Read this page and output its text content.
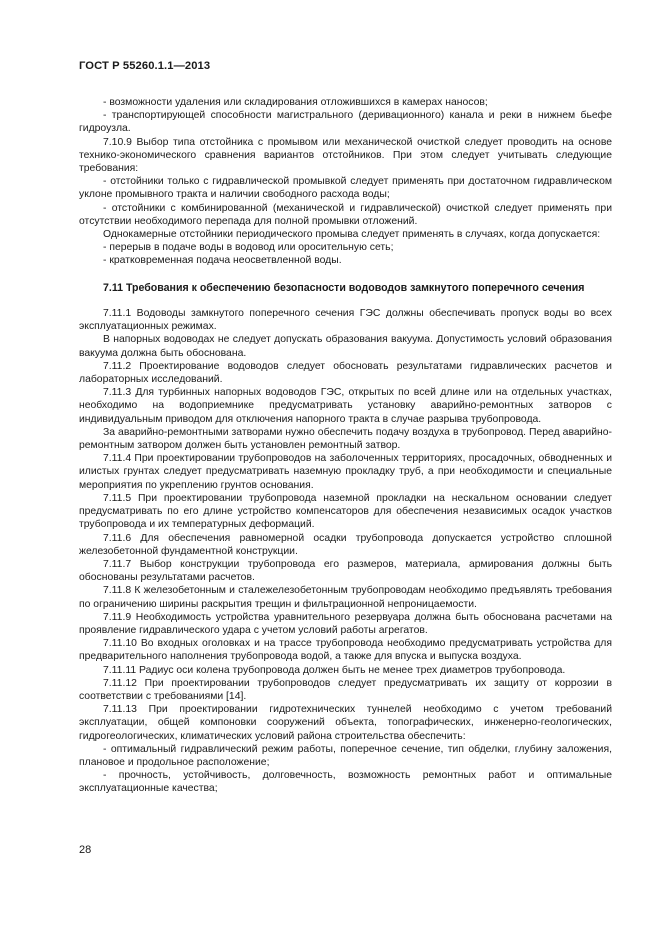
ГОСТ Р 55260.1.1—2013

- возможности удаления или складирования отложившихся в камерах наносов;

- транспортирующей способности магистрального (деривационного) канала и реки в нижнем бьефе гидроузла.

7.10.9 Выбор типа отстойника с промывом или механической очисткой следует проводить на основе технико-экономического сравнения вариантов отстойников. При этом следует учитывать следующие требования:

- отстойники только с гидравлической промывкой следует применять при достаточном гидравлическом уклоне промывного тракта и наличии свободного расхода воды;

- отстойники с комбинированной (механической и гидравлической) очисткой следует применять при отсутствии необходимого перепада для полной промывки отложений.

Однокамерные отстойники периодического промыва следует применять в случаях, когда допускается:

- перерыв в подаче воды в водовод или оросительную сеть;

- кратковременная подача неосветвленной воды.

7.11 Требования к обеспечению безопасности водоводов замкнутого поперечного сечения

7.11.1 Водоводы замкнутого поперечного сечения ГЭС должны обеспечивать пропуск воды во всех эксплуатационных режимах.

В напорных водоводах не следует допускать образования вакуума. Допустимость условий образования вакуума должна быть обоснована.

7.11.2 Проектирование водоводов следует обосновать результатами гидравлических расчетов и лабораторных исследований.

7.11.3 Для турбинных напорных водоводов ГЭС, открытых по всей длине или на отдельных участках, необходимо на водоприемнике предусматривать установку аварийно-ремонтных затворов с индивидуальным приводом для отключения напорного тракта в случае разрыва трубопровода.

За аварийно-ремонтными затворами нужно обеспечить подачу воздуха в трубопровод. Перед аварийно-ремонтным затвором должен быть установлен ремонтный затвор.

7.11.4 При проектировании трубопроводов на заболоченных территориях, просадочных, обводненных и илистых грунтах следует предусматривать наземную прокладку труб, а при необходимости и специальные мероприятия по укреплению грунтов основания.

7.11.5 При проектировании трубопровода наземной прокладки на нескальном основании следует предусматривать по его длине устройство компенсаторов для обеспечения независимых осадок участков трубопровода и их температурных деформаций.

7.11.6 Для обеспечения равномерной осадки трубопровода допускается устройство сплошной железобетонной фундаментной конструкции.

7.11.7 Выбор конструкции трубопровода его размеров, материала, армирования должны быть обоснованы результатами расчетов.

7.11.8 К железобетонным и сталежелезобетонным трубопроводам необходимо предъявлять требования по ограничению ширины раскрытия трещин и фильтрационной непроницаемости.

7.11.9 Необходимость устройства уравнительного резервуара должна быть обоснована расчетами на проявление гидравлического удара с учетом условий работы агрегатов.

7.11.10 Во входных оголовках и на трассе трубопровода необходимо предусматривать устройства для предварительного наполнения трубопровода водой, а также для впуска и выпуска воздуха.

7.11.11 Радиус оси колена трубопровода должен быть не менее трех диаметров трубопровода.

7.11.12 При проектировании трубопроводов следует предусматривать их защиту от коррозии в соответствии с требованиями [14].

7.11.13 При проектировании гидротехнических туннелей необходимо с учетом требований эксплуатации, общей компоновки сооружений объекта, топографических, инженерно-геологических, гидрогеологических, климатических условий района строительства обеспечить:

- оптимальный гидравлический режим работы, поперечное сечение, тип обделки, глубину заложения, плановое и продольное расположение;

- прочность, устойчивость, долговечность, возможность ремонтных работ и оптимальные эксплуатационные качества;

28
